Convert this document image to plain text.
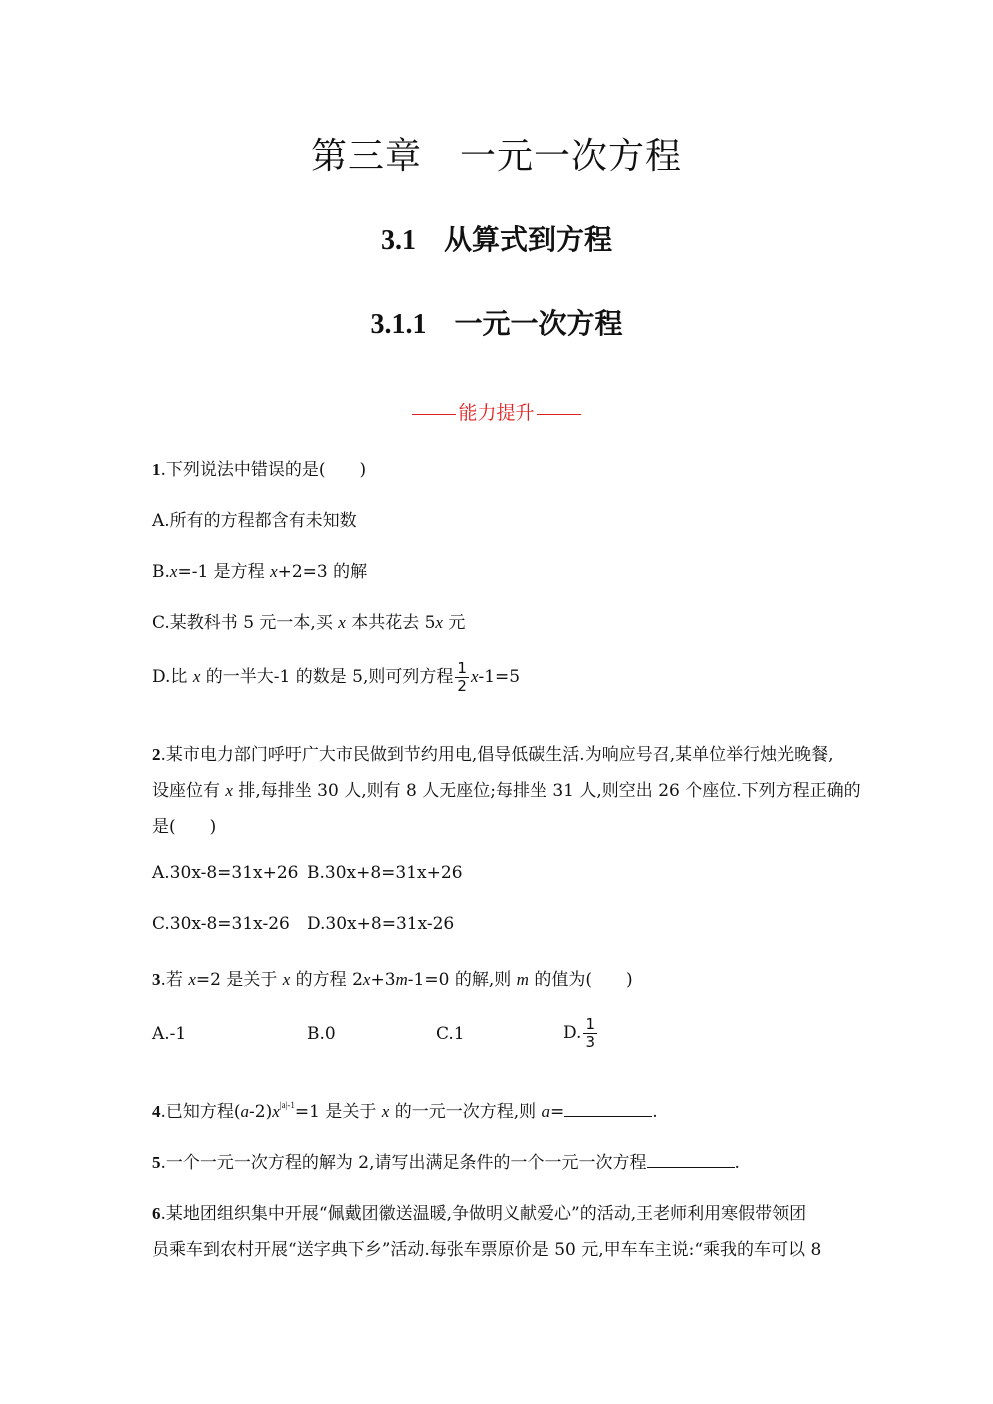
第三章 一元一次方程
3.1 从算式到方程
3.1.1 一元一次方程
能力提升
1.下列说法中错误的是(　　)
A.所有的方程都含有未知数
B.x=-1 是方程 x+2=3 的解
C.某教科书 5 元一本,买 x 本共花去 5x 元
D.比 x 的一半大-1 的数是 5,则可列方程 $\frac{1}{2} x-1=5$
2.某市电力部门呼吁广大市民做到节约用电,倡导低碳生活.为响应号召,某单位举行烛光晚餐,
设座位有 x 排,每排坐 30 人,则有 8 人无座位;每排坐 31 人,则空出 26 个座位.下列方程正确的
是(　　)
A.30x-8=31x+26 B.30x+8=31x+26
C.30x-8=31x-26 D.30x+8=31x-26
3.若 x=2 是关于 x 的方程 2x+3m-1=0 的解,则 m 的值为(　　)
A.-1	B.0	C.1	D. $\frac{1}{3}$
4.已知方程$(a-2)x^{|a|-1}=1$ 是关于 x 的一元一次方程,则 a=	.
5.一个一元一次方程的解为 2,请写出满足条件的一个一元一次方程	.
6.某地团组织集中开展“佩戴团徽送温暖,争做明义献爱心”的活动,王老师利用寒假带领团
员乘车到农村开展“送字典下乡”活动.每张车票原价是 50 元,甲车车主说:“乘我的车可以 8
